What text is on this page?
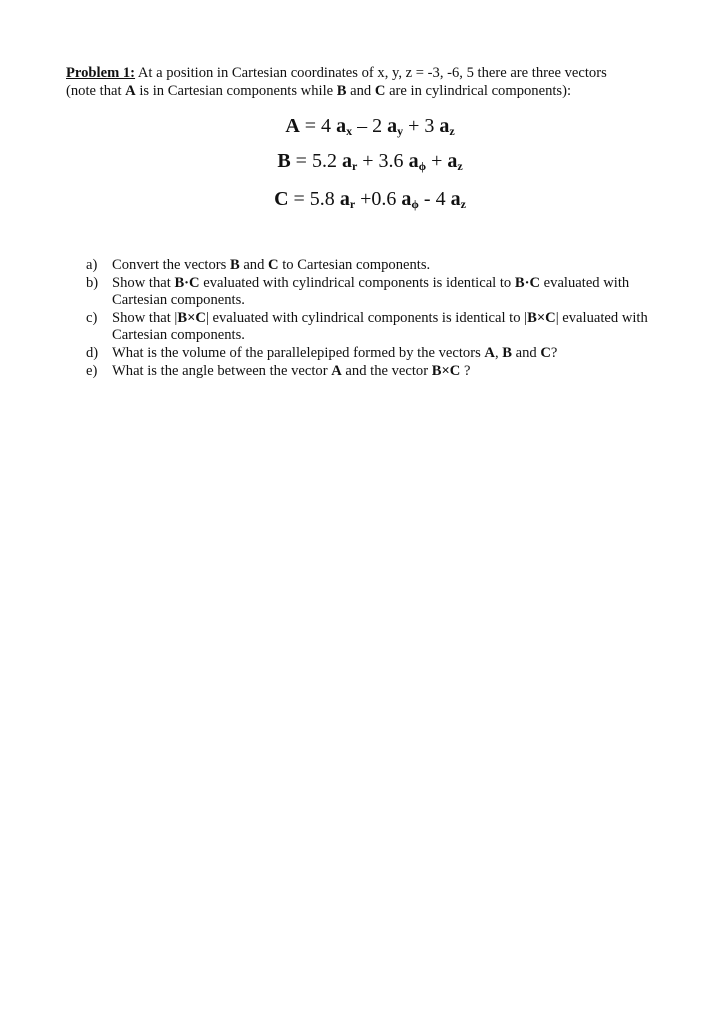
Problem 1: At a position in Cartesian coordinates of x, y, z = -3, -6, 5 there are three vectors
(note that A is in Cartesian components while B and C are in cylindrical components):
A = 4 $a_x - 2$ $a_y + 3$ $a_z$
B = 5.2 $a_r + 3.6$ $a_\phi + a_z$
C = 5.8 $a_r +0.6$ $a_\phi - 4$ $a_z$
a)	Convert the vectors B and C to Cartesian components.
b) Show that B·C evaluated with cylindrical components is identical to B·C evaluated with Cartesian components.
c)	Show that |B×C| evaluated with cylindrical components is identical to |B×C| evaluated with Cartesian components.
d) What is the volume of the parallelepiped formed by the vectors A, B and C?
e)	What is the angle between the vector A and the vector B×C ?
